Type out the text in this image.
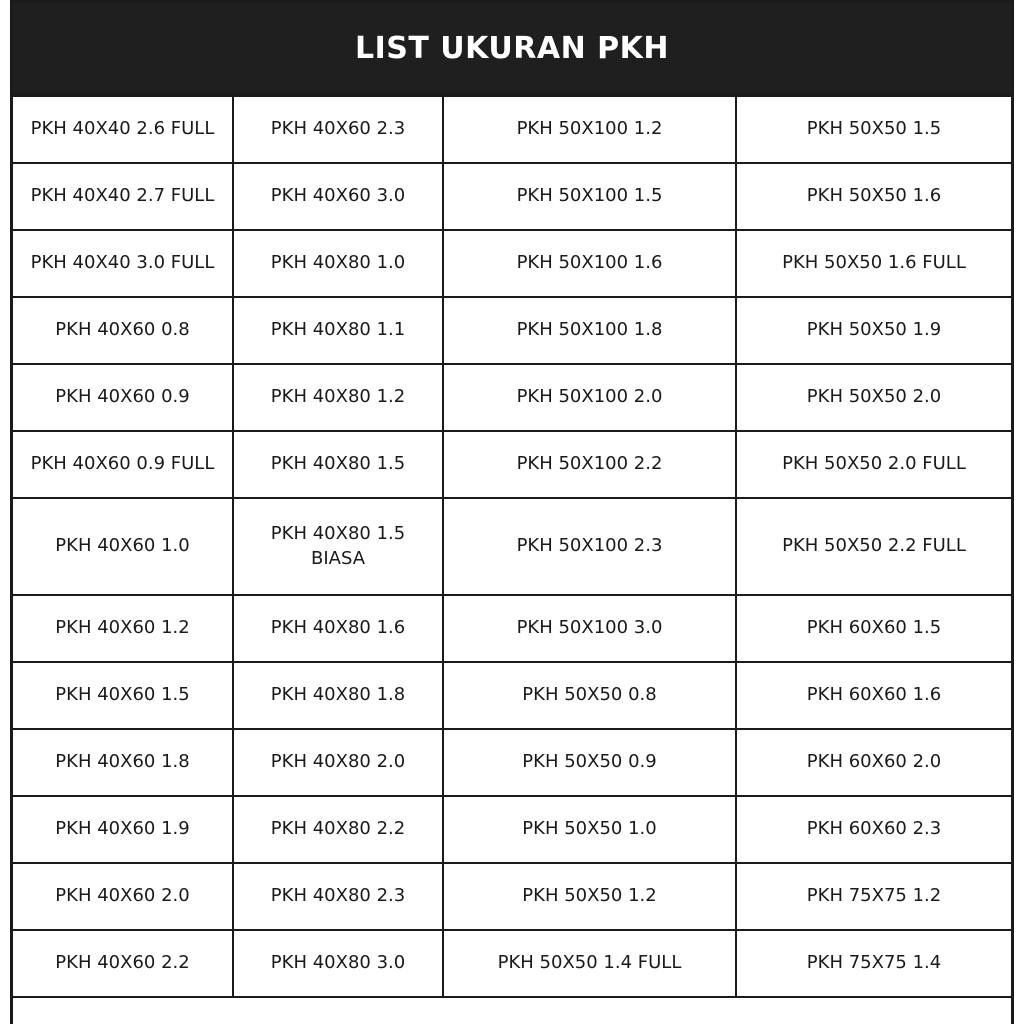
LIST UKURAN PKH
PKH 40X40 2.6 FULL	PKH 40X60 2.3	PKH 50X100 1.2	PKH 50X50 1.5
PKH 40X40 2.7 FULL	PKH 40X60 3.0	PKH 50X100 1.5	PKH 50X50 1.6
PKH 40X40 3.0 FULL	PKH 40X80 1.0	PKH 50X100 1.6	PKH 50X50 1.6 FULL
PKH 40X60 0.8	PKH 40X80 1.1	PKH 50X100 1.8	PKH 50X50 1.9
PKH 40X60 0.9	PKH 40X80 1.2	PKH 50X100 2.0	PKH 50X50 2.0
PKH 40X60 0.9 FULL	PKH 40X80 1.5	PKH 50X100 2.2	PKH 50X50 2.0 FULL
PKH 40X60 1.0	PKH 40X80 1.5 BIASA	PKH 50X100 2.3	PKH 50X50 2.2 FULL
PKH 40X60 1.2	PKH 40X80 1.6	PKH 50X100 3.0	PKH 60X60 1.5
PKH 40X60 1.5	PKH 40X80 1.8	PKH 50X50 0.8	PKH 60X60 1.6
PKH 40X60 1.8	PKH 40X80 2.0	PKH 50X50 0.9	PKH 60X60 2.0
PKH 40X60 1.9	PKH 40X80 2.2	PKH 50X50 1.0	PKH 60X60 2.3
PKH 40X60 2.0	PKH 40X80 2.3	PKH 50X50 1.2	PKH 75X75 1.2
PKH 40X60 2.2	PKH 40X80 3.0	PKH 50X50 1.4 FULL	PKH 75X75 1.4
